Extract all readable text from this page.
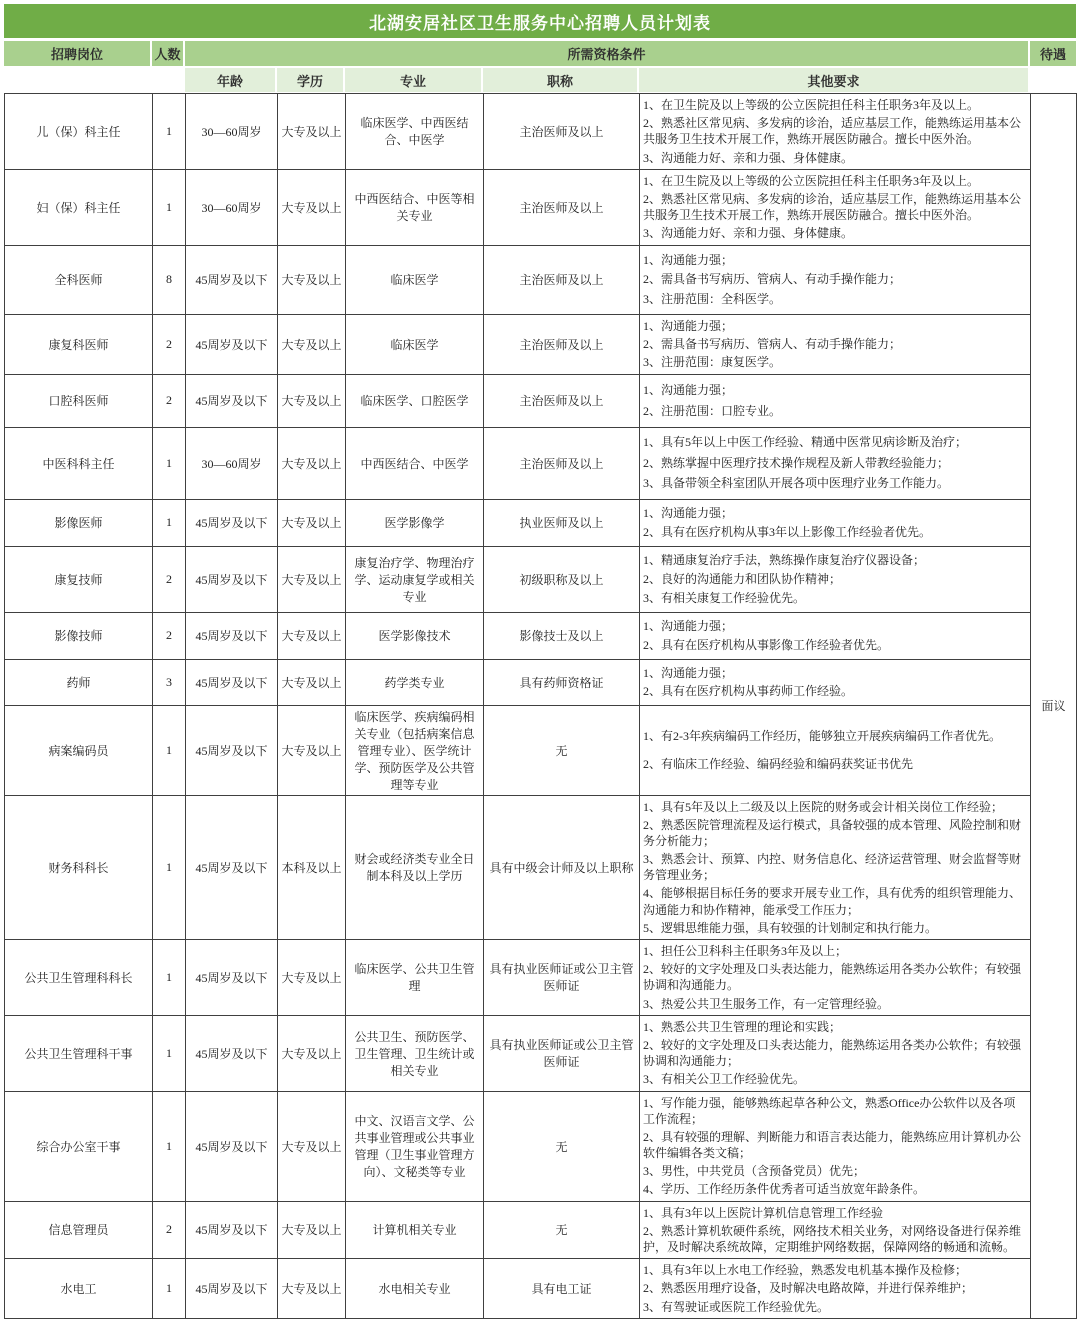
北湖安居社区卫生服务中心招聘人员计划表
招聘岗位	人数	所需资格条件	待遇
年龄	学历	专业	职称	其他要求
儿（保）科主任	1	30—60周岁	大专及以上	临床医学、中西医结合、中医学	主治医师及以上	1、在卫生院及以上等级的公立医院担任科主任职务3年及以上。
2、熟悉社区常见病、多发病的诊治，适应基层工作，能熟练运用基本公共服务卫生技术开展工作，熟练开展医防融合。擅长中医外治。
3、沟通能力好、亲和力强、身体健康。	面议
妇（保）科主任	1	30—60周岁	大专及以上	中西医结合、中医等相关专业	主治医师及以上	1、在卫生院及以上等级的公立医院担任科主任职务3年及以上。
2、熟悉社区常见病、多发病的诊治，适应基层工作，能熟练运用基本公共服务卫生技术开展工作，熟练开展医防融合。擅长中医外治。
3、沟通能力好、亲和力强、身体健康。	

全科医师	8	45周岁及以下	大专及以上	临床医学	主治医师及以上	1、沟通能力强；
2、需具备书写病历、管病人、有动手操作能力；
3、注册范围：全科医学。	

康复科医师	2	45周岁及以下	大专及以上	临床医学	主治医师及以上	1、沟通能力强；
2、需具备书写病历、管病人、有动手操作能力；
3、注册范围：康复医学。	

口腔科医师	2	45周岁及以下	大专及以上	临床医学、口腔医学	主治医师及以上	1、沟通能力强；
2、注册范围：口腔专业。	

中医科科主任	1	30—60周岁	大专及以上	中西医结合、中医学	主治医师及以上	1、具有5年以上中医工作经验、精通中医常见病诊断及治疗；
2、熟练掌握中医理疗技术操作规程及新人带教经验能力；
3、具备带领全科室团队开展各项中医理疗业务工作能力。	

影像医师	1	45周岁及以下	大专及以上	医学影像学	执业医师及以上	1、沟通能力强；
2、具有在医疗机构从事3年以上影像工作经验者优先。	

康复技师	2	45周岁及以下	大专及以上	康复治疗学、物理治疗学、运动康复学或相关专业	初级职称及以上	1、精通康复治疗手法，熟练操作康复治疗仪器设备；
2、良好的沟通能力和团队协作精神；
3、有相关康复工作经验优先。	

影像技师	2	45周岁及以下	大专及以上	医学影像技术	影像技士及以上	1、沟通能力强；
2、具有在医疗机构从事影像工作经验者优先。	

药师	3	45周岁及以下	大专及以上	药学类专业	具有药师资格证	1、沟通能力强；
2、具有在医疗机构从事药师工作经验。	

病案编码员	1	45周岁及以下	大专及以上	临床医学、疾病编码相关专业（包括病案信息管理专业）、医学统计学、预防医学及公共管理等专业	无	1、有2-3年疾病编码工作经历，能够独立开展疾病编码工作者优先。
2、有临床工作经验、编码经验和编码获奖证书优先	

财务科科长	1	45周岁及以下	本科及以上	财会或经济类专业全日制本科及以上学历	具有中级会计师及以上职称	1、具有5年及以上二级及以上医院的财务或会计相关岗位工作经验；
2、熟悉医院管理流程及运行模式，具备较强的成本管理、风险控制和财务分析能力；
3、熟悉会计、预算、内控、财务信息化、经济运营管理、财会监督等财务管理业务；
4、能够根据目标任务的要求开展专业工作，具有优秀的组织管理能力、沟通能力和协作精神，能承受工作压力；
5、逻辑思维能力强，具有较强的计划制定和执行能力。	

公共卫生管理科科长	1	45周岁及以下	大专及以上	临床医学、公共卫生管理	具有执业医师证或公卫主管医师证	1、担任公卫科科主任职务3年及以上；
2、较好的文字处理及口头表达能力，能熟练运用各类办公软件；有较强协调和沟通能力。
3、热爱公共卫生服务工作，有一定管理经验。	

公共卫生管理科干事	1	45周岁及以下	大专及以上	公共卫生、预防医学、卫生管理、卫生统计或相关专业	具有执业医师证或公卫主管医师证	1、熟悉公共卫生管理的理论和实践；
2、较好的文字处理及口头表达能力，能熟练运用各类办公软件；有较强协调和沟通能力；
3、有相关公卫工作经验优先。	

综合办公室干事	1	45周岁及以下	大专及以上	中文、汉语言文学、公共事业管理或公共事业管理（卫生事业管理方向）、文秘类等专业	无	1、写作能力强，能够熟练起草各种公文，熟悉Office办公软件以及各项工作流程；
2、具有较强的理解、判断能力和语言表达能力，能熟练应用计算机办公软件编辑各类文稿；
3、男性，中共党员（含预备党员）优先；
4、学历、工作经历条件优秀者可适当放宽年龄条件。	

信息管理员	2	45周岁及以下	大专及以上	计算机相关专业	无	1、具有3年以上医院计算机信息管理工作经验
2、熟悉计算机软硬件系统，网络技术相关业务，对网络设备进行保养维护，及时解决系统故障，定期维护网络数据，保障网络的畅通和流畅。	

水电工	1	45周岁及以下	大专及以上	水电相关专业	具有电工证	1、具有3年以上水电工作经验，熟悉发电机基本操作及检修；
2、熟悉医用理疗设备，及时解决电路故障，并进行保养维护；
3、有驾驶证或医院工作经验优先。	
